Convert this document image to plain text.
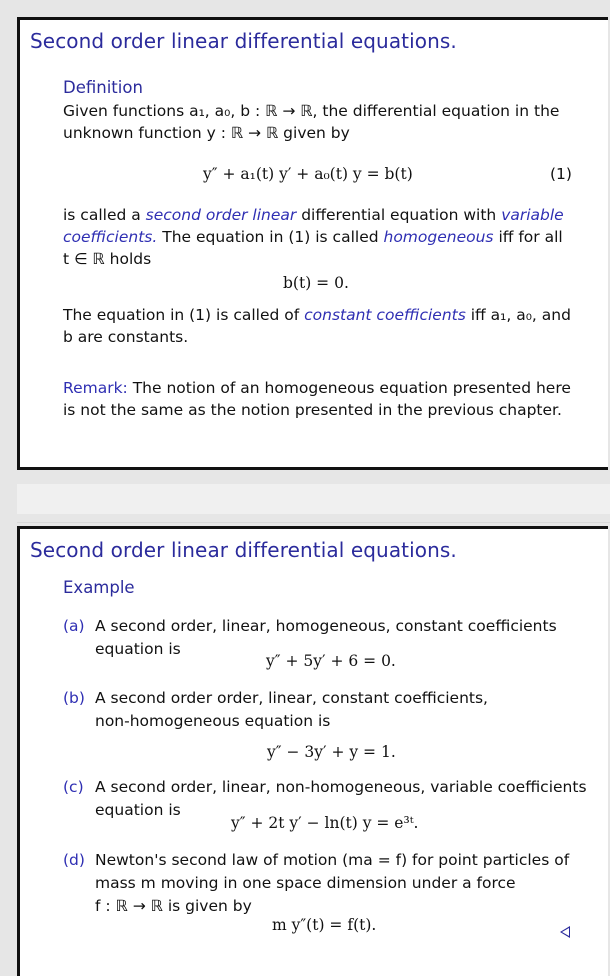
Second order linear differential equations.
Definition
Given functions a₁, a₀, b : ℝ → ℝ, the differential equation in the
unknown function y : ℝ → ℝ given by
y″ + a₁(t) y′ + a₀(t) y = b(t)	(1)
is called a second order linear differential equation with variable
coefficients. The equation in (1) is called homogeneous iff for all
t ∈ ℝ holds
b(t) = 0.
The equation in (1) is called of constant coefficients iff a₁, a₀, and
b are constants.
Remark: The notion of an homogeneous equation presented here
is not the same as the notion presented in the previous chapter.
Second order linear differential equations.
Example
(a) A second order, linear, homogeneous, constant coefficients
equation is
y″ + 5y′ + 6 = 0.
(b) A second order order, linear, constant coefficients,
non-homogeneous equation is
y″ − 3y′ + y = 1.
(c) A second order, linear, non-homogeneous, variable coefficients
equation is
y″ + 2t y′ − ln(t) y = e³ᵗ.
(d) Newton's second law of motion (ma = f) for point particles of
mass m moving in one space dimension under a force
f : ℝ → ℝ is given by
m y″(t) = f(t).
